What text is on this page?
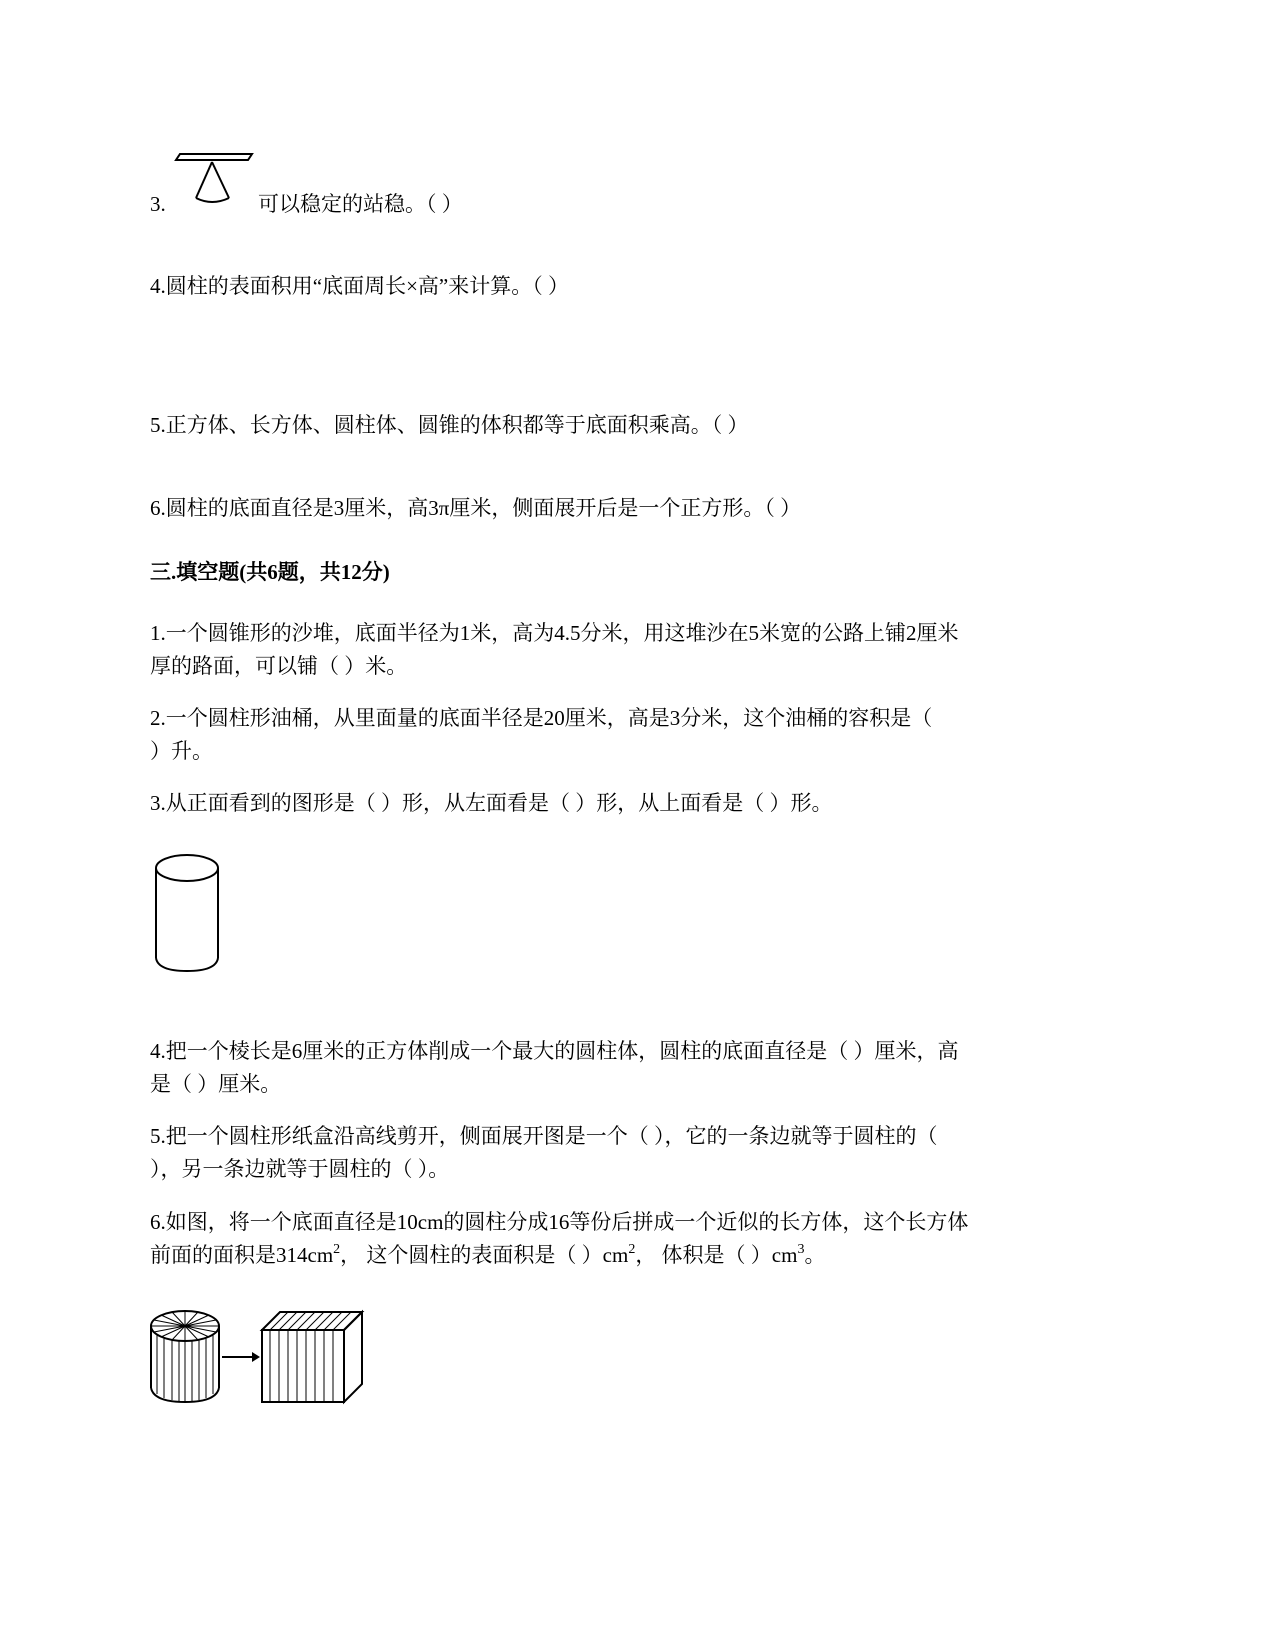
3.	可以稳定的站稳。（ ）
4.圆柱的表面积用“底面周长×高”来计算。（ ）
5.正方体、长方体、圆柱体、圆锥的体积都等于底面积乘高。（ ）
6.圆柱的底面直径是3厘米，高3π厘米，侧面展开后是一个正方形。（ ）
三.填空题(共6题，共12分)
1.一个圆锥形的沙堆，底面半径为1米，高为4.5分米，用这堆沙在5米宽的公路上铺2厘米
厚的路面，可以铺（ ）米。
2.一个圆柱形油桶，从里面量的底面半径是20厘米，高是3分米，这个油桶的容积是（
）升。
3.从正面看到的图形是（ ）形，从左面看是（ ）形，从上面看是（ ）形。
4.把一个棱长是6厘米的正方体削成一个最大的圆柱体，圆柱的底面直径是（ ）厘米，高
是（ ）厘米。
5.把一个圆柱形纸盒沿高线剪开，侧面展开图是一个（ ），它的一条边就等于圆柱的（
），另一条边就等于圆柱的（ ）。
6.如图，将一个底面直径是10cm的圆柱分成16等份后拼成一个近似的长方体，这个长方体
前面的面积是$314cm^2$， 这个圆柱的表面积是（ ）$cm^2$， 体积是（ ）$cm^3$。
